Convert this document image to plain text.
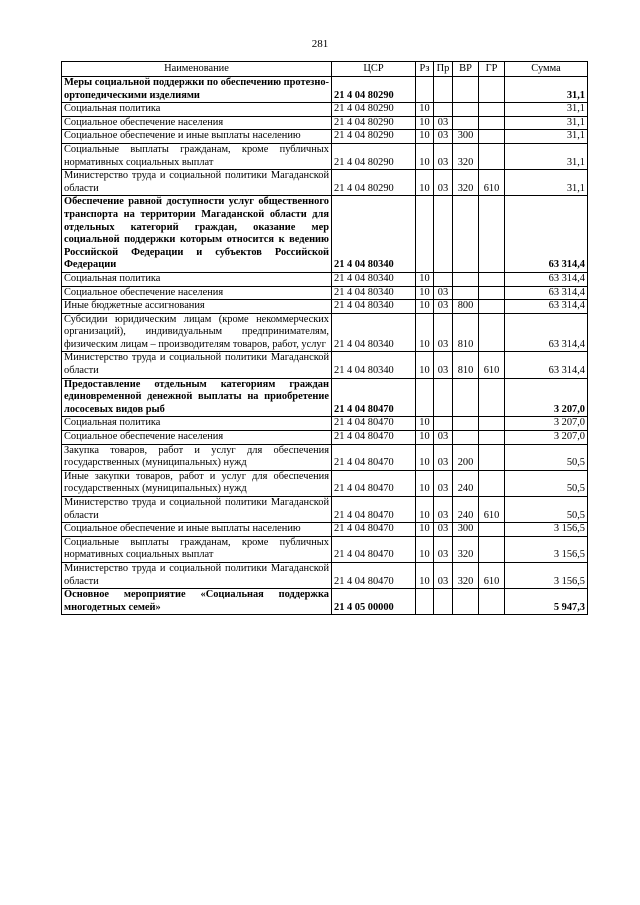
281
Наименование	ЦСР	Рз	Пр	ВР	ГР	Сумма
Меры социальной поддержки по обеспечению протезно-ортопедическими изделиями	21 4 04 80290					31,1
Социальная политика	21 4 04 80290	10				31,1
Социальное обеспечение населения	21 4 04 80290	10	03			31,1
Социальное обеспечение и иные выплаты населению	21 4 04 80290	10	03	300		31,1
Социальные выплаты гражданам, кроме публичных нормативных социальных выплат	21 4 04 80290	10	03	320		31,1
Министерство труда и социальной политики Магаданской области	21 4 04 80290	10	03	320	610	31,1
Обеспечение равной доступности услуг общественного транспорта на территории Магаданской области для отдельных категорий граждан, оказание мер социальной поддержки которым относится к ведению Российской Федерации и субъектов Российской Федерации	21 4 04 80340					63 314,4
Социальная политика	21 4 04 80340	10				63 314,4
Социальное обеспечение населения	21 4 04 80340	10	03			63 314,4
Иные бюджетные ассигнования	21 4 04 80340	10	03	800		63 314,4
Субсидии юридическим лицам (кроме некоммерческих организаций), индивидуальным предпринимателям, физическим лицам – производителям товаров, работ, услуг	21 4 04 80340	10	03	810		63 314,4
Министерство труда и социальной политики Магаданской области	21 4 04 80340	10	03	810	610	63 314,4
Предоставление отдельным категориям граждан единовременной денежной выплаты на приобретение лососевых видов рыб	21 4 04 80470					3 207,0
Социальная политика	21 4 04 80470	10				3 207,0
Социальное обеспечение населения	21 4 04 80470	10	03			3 207,0
Закупка товаров, работ и услуг для обеспечения государственных (муниципальных) нужд	21 4 04 80470	10	03	200		50,5
Иные закупки товаров, работ и услуг для обеспечения государственных (муниципальных) нужд	21 4 04 80470	10	03	240		50,5
Министерство труда и социальной политики Магаданской области	21 4 04 80470	10	03	240	610	50,5
Социальное обеспечение и иные выплаты населению	21 4 04 80470	10	03	300		3 156,5
Социальные выплаты гражданам, кроме публичных нормативных социальных выплат	21 4 04 80470	10	03	320		3 156,5
Министерство труда и социальной политики Магаданской области	21 4 04 80470	10	03	320	610	3 156,5
Основное мероприятие «Социальная поддержка многодетных семей»	21 4 05 00000					5 947,3
